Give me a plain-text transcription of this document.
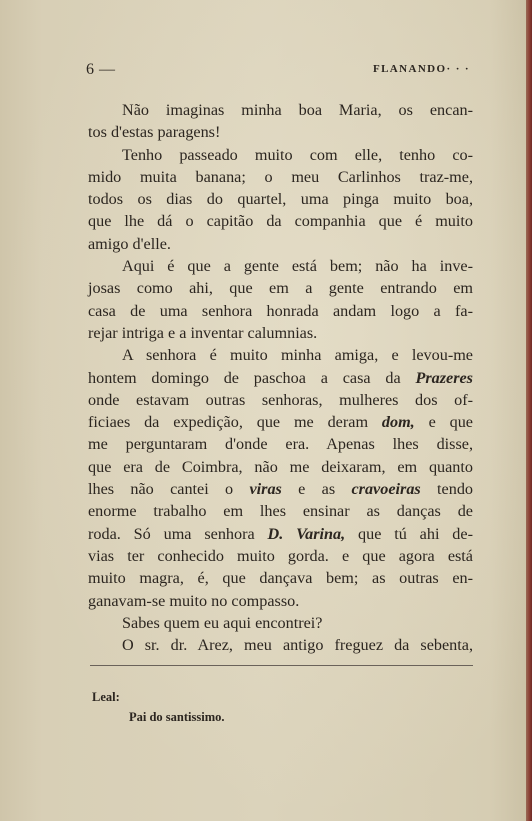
6 —	FLANANDO· · ·
Não imaginas minha boa Maria, os encan-
tos d'estas paragens!
Tenho passeado muito com elle, tenho co-
mido muita banana; o meu Carlinhos traz-me,
todos os dias do quartel, uma pinga muito boa,
que lhe dá o capitão da companhia que é muito
amigo d'elle.
Aqui é que a gente está bem; não ha inve-
josas como ahi, que em a gente entrando em
casa de uma senhora honrada andam logo a fa-
rejar intriga e a inventar calumnias.
A senhora é muito minha amiga, e levou-me
hontem domingo de paschoa a casa da Prazeres
onde estavam outras senhoras, mulheres dos of-
ficiaes da expedição, que me deram dom, e que
me perguntaram d'onde era. Apenas lhes disse,
que era de Coimbra, não me deixaram, em quanto
lhes não cantei o viras e as cravoeiras tendo
enorme trabalho em lhes ensinar as danças de
roda. Só uma senhora D. Varina, que tú ahi de-
vias ter conhecido muito gorda. e que agora está
muito magra, é, que dançava bem; as outras en-
ganavam-se muito no compasso.
Sabes quem eu aqui encontrei?
O sr. dr. Arez, meu antigo freguez da sebenta,
Leal:
Pai do santissimo.
